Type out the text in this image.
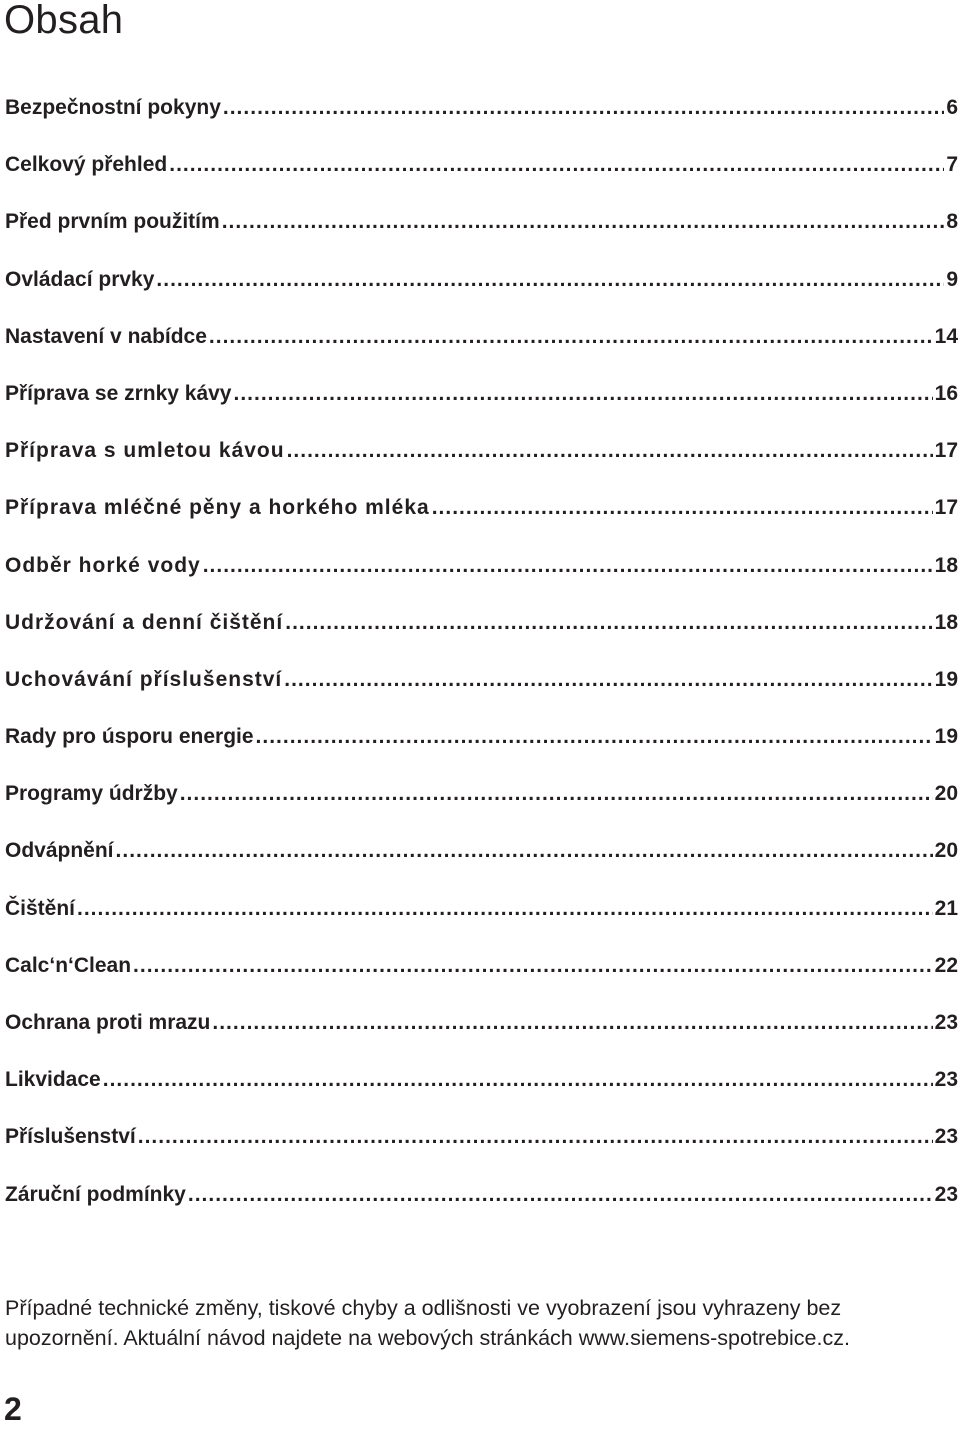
Obsah
Bezpečnostní pokyny .....	6
Celkový přehled .....	7
Před prvním použitím .....	8
Ovládací prvky .....	9
Nastavení v nabídce .....	14
Příprava se zrnky kávy .....	16
Příprava s umletou kávou .....	17
Příprava mléčné pěny a horkého mléka .....	17
Odběr horké vody .....	18
Udržování a denní čištění .....	18
Uchovávání příslušenství .....	19
Rady pro úsporu energie .....	19
Programy údržby .....	20
Odvápnění .....	20
Čištění .....	21
Calc‘n‘Clean .....	22
Ochrana proti mrazu .....	23
Likvidace .....	23
Příslušenství .....	23
Záruční podmínky .....	23

Případné technické změny, tiskové chyby a odlišnosti ve vyobrazení jsou vyhrazeny bez upozornění. Aktuální návod najdete na webových stránkách www.siemens-spotrebice.cz.

2
